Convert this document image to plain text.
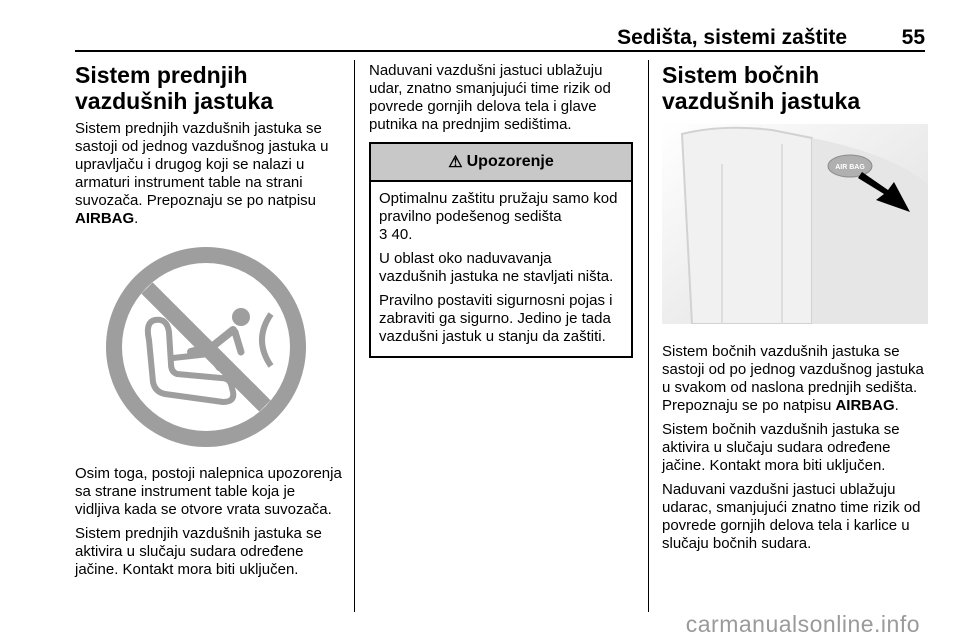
Sedišta, sistemi zaštite	55
Sistem prednjih vazdušnih jastuka

Sistem prednjih vazdušnih jastuka se sastoji od jednog vazdušnog jastuka u upravljaču i drugog koji se nalazi u armaturi instrument table na strani suvozača. Prepoznaju se po natpisu AIRBAG.

Osim toga, postoji nalepnica upozorenja sa strane instrument table koja je vidljiva kada se otvore vrata suvozača.

Sistem prednjih vazdušnih jastuka se aktivira u slučaju sudara određene jačine. Kontakt mora biti uključen.

Naduvani vazdušni jastuci ublažuju udar, znatno smanjujući time rizik od povrede gornjih delova tela i glave putnika na prednjim sedištima.

⚠ Upozorenje

Optimalnu zaštitu pružaju samo kod pravilno podešenog sedišta
3 40.

U oblast oko naduvavanja vazdušnih jastuka ne stavljati ništa.

Pravilno postaviti sigurnosni pojas i zabraviti ga sigurno. Jedino je tada vazdušni jastuk u stanju da zaštiti.

Sistem bočnih vazdušnih jastuka
AIR BAG

Sistem bočnih vazdušnih jastuka se sastoji od po jednog vazdušnog jastuka u svakom od naslona prednjih sedišta. Prepoznaju se po natpisu AIRBAG.

Sistem bočnih vazdušnih jastuka se aktivira u slučaju sudara određene jačine. Kontakt mora biti uključen.

Naduvani vazdušni jastuci ublažuju udarac, smanjujući znatno time rizik od povrede gornjih delova tela i karlice u slučaju bočnih sudara.

carmanualsonline.info
